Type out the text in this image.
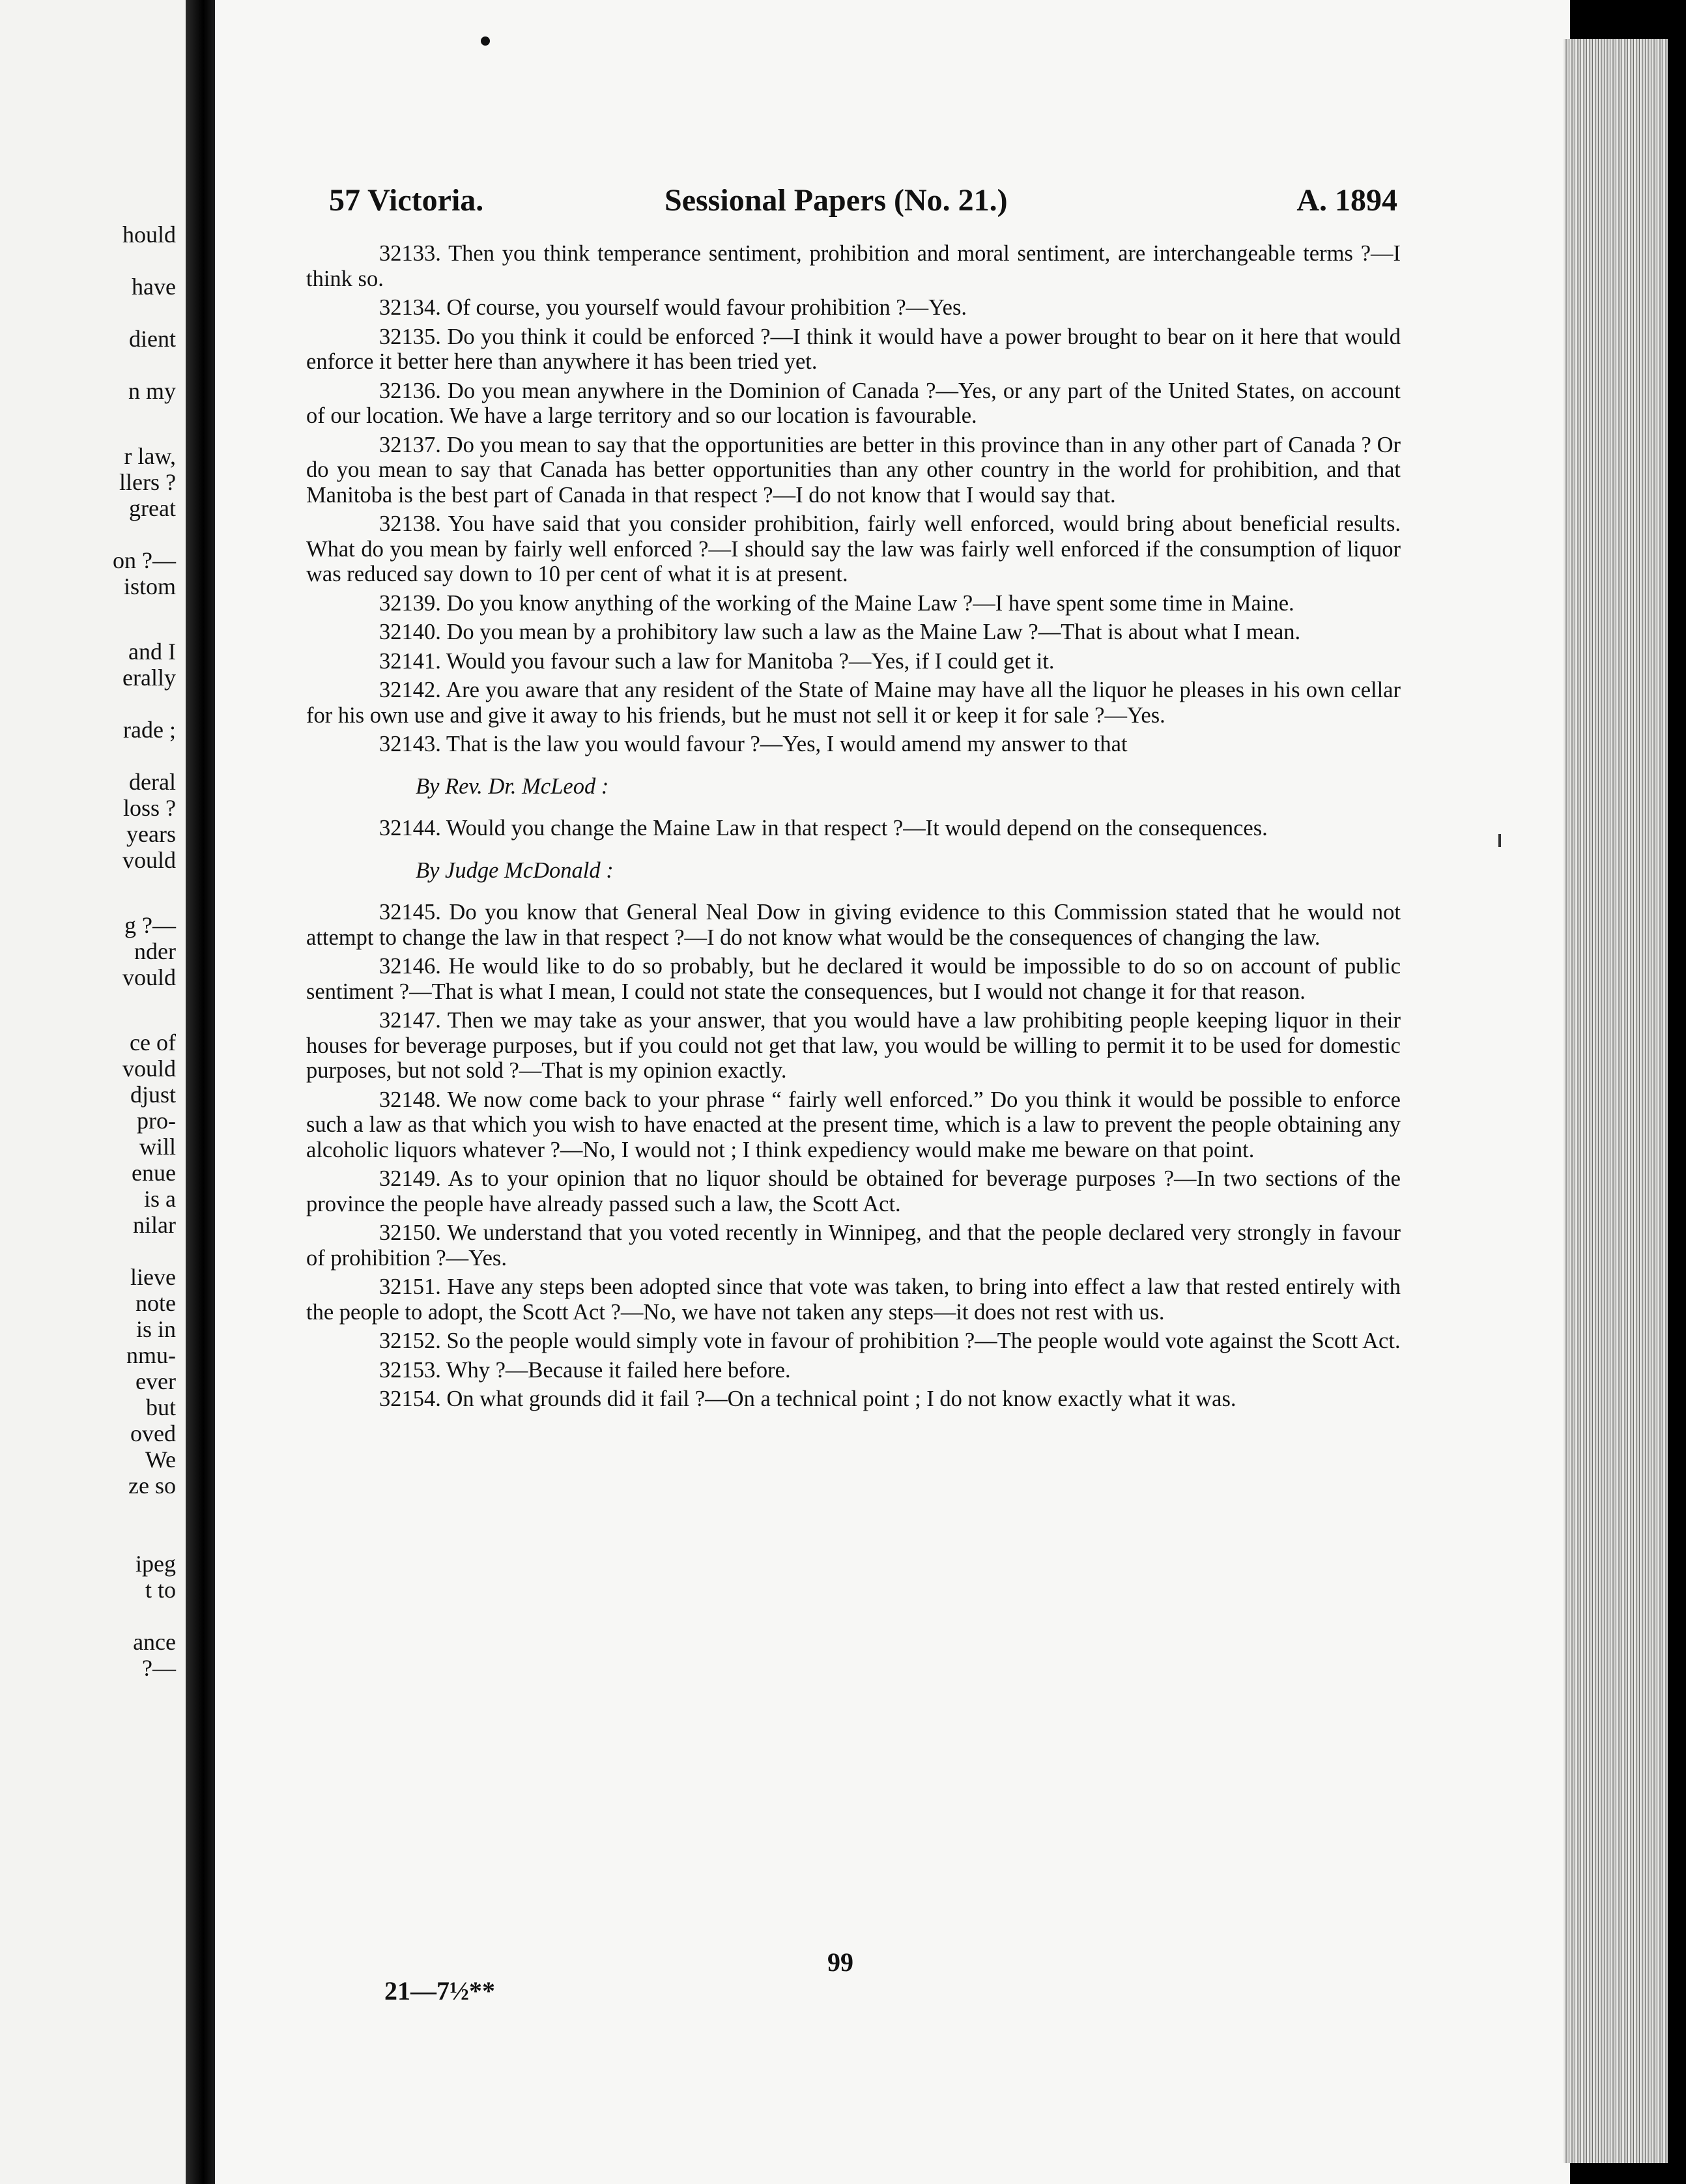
hould
have
dient
n my
r law,
llers ?
great
on ?—
istom
and I
erally
rade ;
deral
loss ?
years
vould
g ?—
nder
vould
ce of
vould
djust
pro-
will
enue
is a
nilar
lieve
note
is in
nmu-
ever
but
oved
We
ze so
ipeg
t to
ance
?—
57 Victoria.	Sessional Papers (No. 21.)	A. 1894

32133. Then you think temperance sentiment, prohibition and moral sentiment, are interchangeable terms ?—I think so.

32134. Of course, you yourself would favour prohibition ?—Yes.

32135. Do you think it could be enforced ?—I think it would have a power brought to bear on it here that would enforce it better here than anywhere it has been tried yet.

32136. Do you mean anywhere in the Dominion of Canada ?—Yes, or any part of the United States, on account of our location. We have a large territory and so our location is favourable.

32137. Do you mean to say that the opportunities are better in this province than in any other part of Canada ? Or do you mean to say that Canada has better opportunities than any other country in the world for prohibition, and that Manitoba is the best part of Canada in that respect ?—I do not know that I would say that.

32138. You have said that you consider prohibition, fairly well enforced, would bring about beneficial results. What do you mean by fairly well enforced ?—I should say the law was fairly well enforced if the consumption of liquor was reduced say down to 10 per cent of what it is at present.

32139. Do you know anything of the working of the Maine Law ?—I have spent some time in Maine.

32140. Do you mean by a prohibitory law such a law as the Maine Law ?—That is about what I mean.

32141. Would you favour such a law for Manitoba ?—Yes, if I could get it.

32142. Are you aware that any resident of the State of Maine may have all the liquor he pleases in his own cellar for his own use and give it away to his friends, but he must not sell it or keep it for sale ?—Yes.

32143. That is the law you would favour ?—Yes, I would amend my answer to that

By Rev. Dr. McLeod :

32144. Would you change the Maine Law in that respect ?—It would depend on the consequences.

By Judge McDonald :

32145. Do you know that General Neal Dow in giving evidence to this Commission stated that he would not attempt to change the law in that respect ?—I do not know what would be the consequences of changing the law.

32146. He would like to do so probably, but he declared it would be impossible to do so on account of public sentiment ?—That is what I mean, I could not state the consequences, but I would not change it for that reason.

32147. Then we may take as your answer, that you would have a law prohibiting people keeping liquor in their houses for beverage purposes, but if you could not get that law, you would be willing to permit it to be used for domestic purposes, but not sold ?—That is my opinion exactly.

32148. We now come back to your phrase “ fairly well enforced.” Do you think it would be possible to enforce such a law as that which you wish to have enacted at the present time, which is a law to prevent the people obtaining any alcoholic liquors whatever ?—No, I would not ; I think expediency would make me beware on that point.

32149. As to your opinion that no liquor should be obtained for beverage purposes ?—In two sections of the province the people have already passed such a law, the Scott Act.

32150. We understand that you voted recently in Winnipeg, and that the people declared very strongly in favour of prohibition ?—Yes.

32151. Have any steps been adopted since that vote was taken, to bring into effect a law that rested entirely with the people to adopt, the Scott Act ?—No, we have not taken any steps—it does not rest with us.

32152. So the people would simply vote in favour of prohibition ?—The people would vote against the Scott Act.

32153. Why ?—Because it failed here before.

32154. On what grounds did it fail ?—On a technical point ; I do not know exactly what it was.

99
21—7½**
